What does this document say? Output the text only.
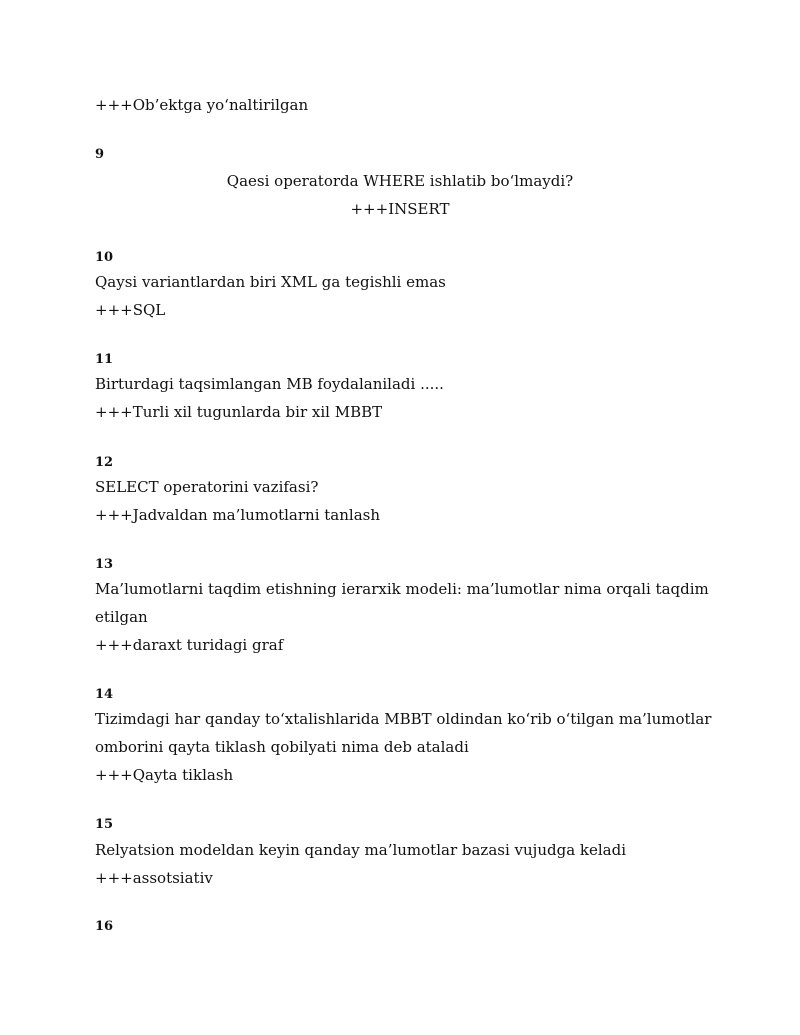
+++Ob’ektga yo‘naltirilgan
9
Qaesi operatorda WHERE ishlatib bo‘lmaydi?
+++INSERT
10
Qaysi variantlardan biri XML ga tegishli emas
+++SQL
11
Birturdagi taqsimlangan MB foydalaniladi .....
+++Turli xil tugunlarda bir xil MBBT
12
SELECT operatorini vazifasi?
+++Jadvaldan ma’lumotlarni tanlash
13
Ma’lumotlarni taqdim etishning ierarxik modeli: ma’lumotlar nima orqali taqdim
etilgan
+++daraxt turidagi graf
14
Tizimdagi har qanday to‘xtalishlarida MBBT oldindan ko‘rib o‘tilgan ma’lumotlar
omborini qayta tiklash qobilyati nima deb ataladi
+++Qayta tiklash
15
Relyatsion modeldan keyin qanday ma’lumotlar bazasi vujudga keladi
+++assotsiativ
16
